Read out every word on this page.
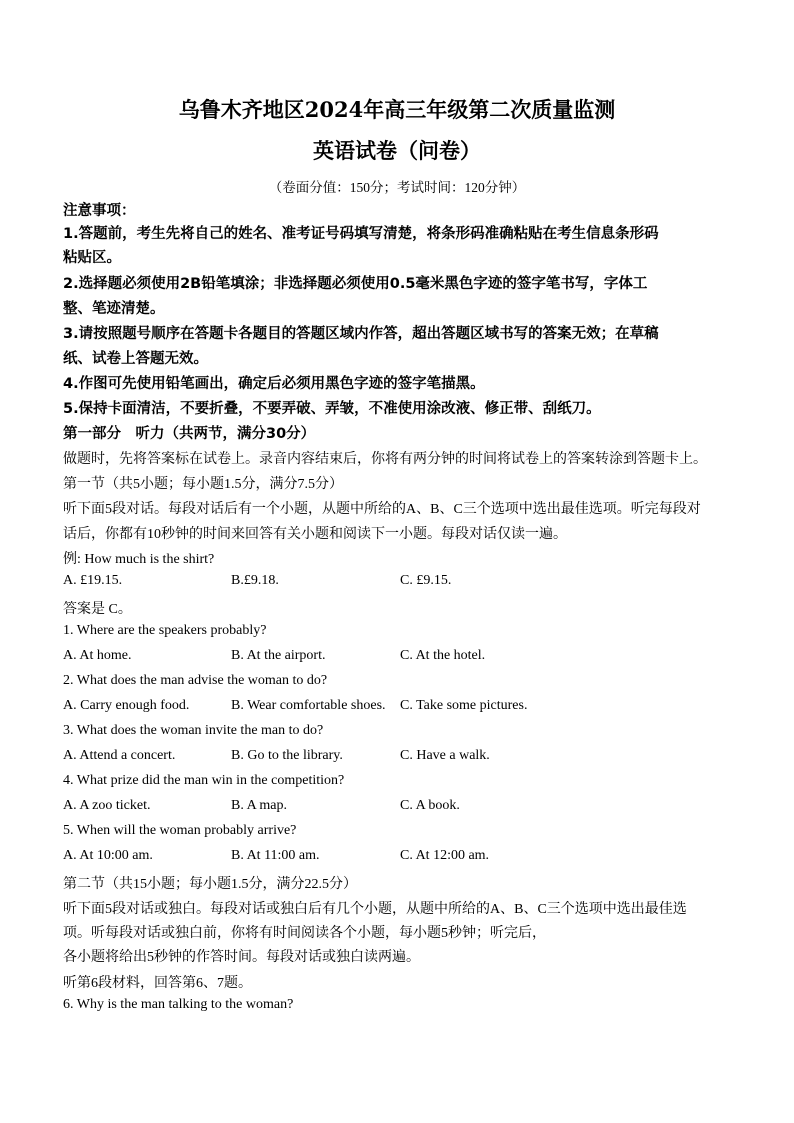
乌鲁木齐地区2024年高三年级第二次质量监测
英语试卷（问卷）
（卷面分值：150分；考试时间：120分钟）
注意事项：
1.答题前，考生先将自己的姓名、准考证号码填写清楚，将条形码准确粘贴在考生信息条形码
粘贴区。
2.选择题必须使用2B铅笔填涂；非选择题必须使用0.5毫米黑色字迹的签字笔书写，字体工
整、笔迹清楚。
3.请按照题号顺序在答题卡各题目的答题区域内作答，超出答题区域书写的答案无效；在草稿
纸、试卷上答题无效。
4.作图可先使用铅笔画出，确定后必须用黑色字迹的签字笔描黑。
5.保持卡面清洁，不要折叠，不要弄破、弄皱，不准使用涂改液、修正带、刮纸刀。
第一部分　听力（共两节，满分30分）
做题时，先将答案标在试卷上。录音内容结束后，你将有两分钟的时间将试卷上的答案转涂到答题卡上。
第一节（共5小题；每小题1.5分，满分7.5分）
听下面5段对话。每段对话后有一个小题，从题中所给的A、B、C三个选项中选出最佳选项。听完每段对
话后，你都有10秒钟的时间来回答有关小题和阅读下一小题。每段对话仅读一遍。
例: How much is the shirt?
A. £19.15.	B.£9.18.	C. £9.15.
答案是 C。
1. Where are the speakers probably?
A. At home.	B. At the airport.	C. At the hotel.
2. What does the man advise the woman to do?
A. Carry enough food.	B. Wear comfortable shoes. C. Take some pictures.
3. What does the woman invite the man to do?
A. Attend a concert.	B. Go to the library.	C. Have a walk.
4. What prize did the man win in the competition?
A. A zoo ticket.	B. A map.	C. A book.
5. When will the woman probably arrive?
A. At 10:00 am.	B. At 11:00 am.	C. At 12:00 am.
第二节（共15小题；每小题1.5分，满分22.5分）
听下面5段对话或独白。每段对话或独白后有几个小题，从题中所给的A、B、C三个选项中选出最佳选
项。听每段对话或独白前，你将有时间阅读各个小题，每小题5秒钟；听完后，
各小题将给出5秒钟的作答时间。每段对话或独白读两遍。
听第6段材料，回答第6、7题。
6. Why is the man talking to the woman?
